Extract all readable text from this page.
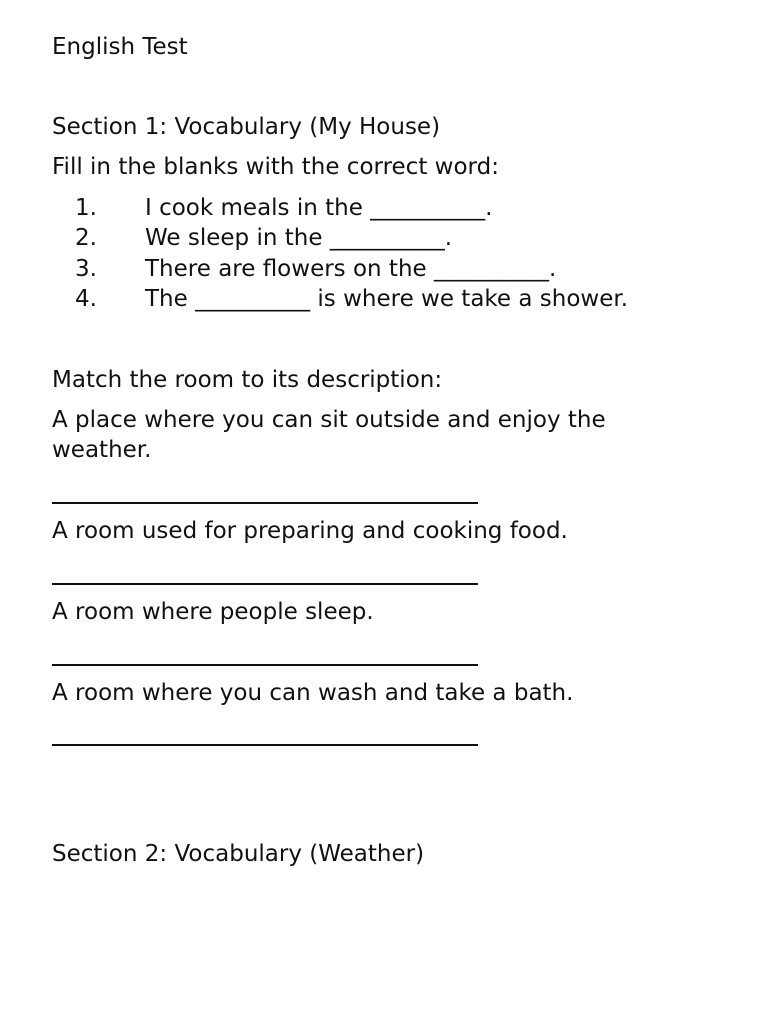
English Test
Section 1: Vocabulary (My House)
Fill in the blanks with the correct word:
1. I cook meals in the __________.
2. We sleep in the __________.
3. There are flowers on the __________.
4. The __________ is where we take a shower.
Match the room to its description:
A place where you can sit outside and enjoy the weather.
A room used for preparing and cooking food.
A room where people sleep.
A room where you can wash and take a bath.
Section 2: Vocabulary (Weather)
